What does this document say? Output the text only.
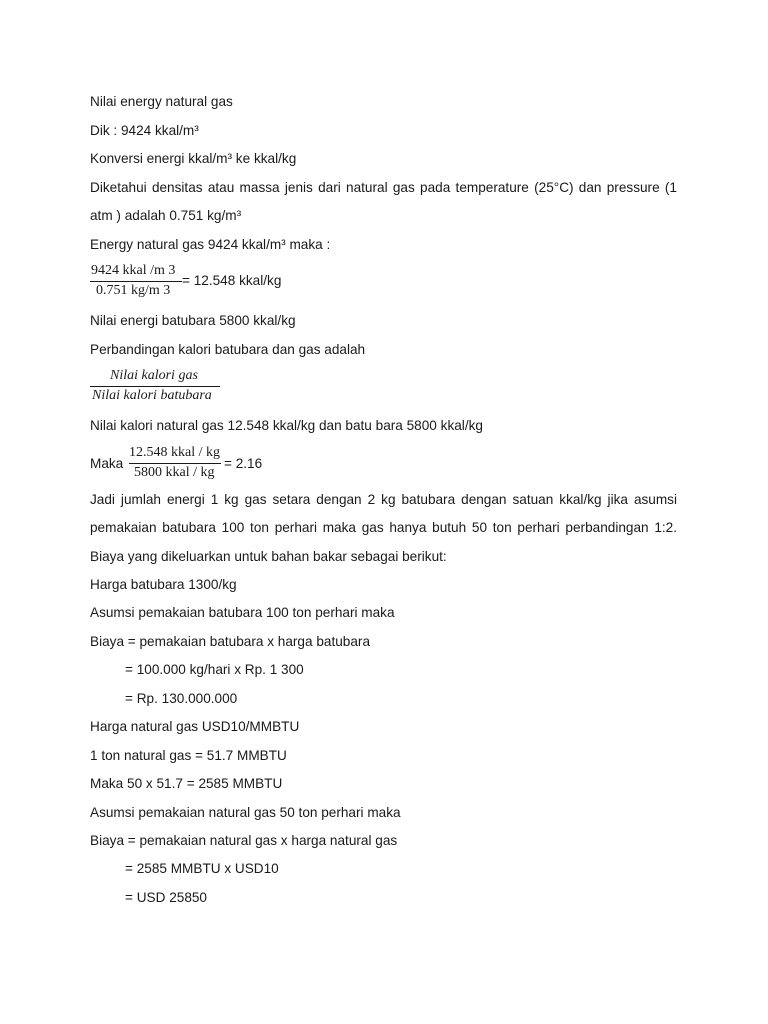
Nilai energy natural gas
Dik : 9424 kkal/m³
Konversi energi kkal/m³ ke kkal/kg
Diketahui densitas atau massa jenis dari natural gas pada temperature (25°C) dan pressure (1
atm ) adalah 0.751 kg/m³
Energy natural gas 9424 kkal/m³ maka :
9424 kkal /m 3
0.751 kg/m 3
= 12.548 kkal/kg
Nilai energi batubara 5800 kkal/kg
Perbandingan kalori batubara dan gas adalah
Nilai kalori gas
Nilai kalori batubara
Nilai kalori natural gas 12.548 kkal/kg dan batu bara 5800 kkal/kg
Maka
12.548 kkal / kg
5800 kkal / kg
= 2.16
Jadi jumlah energi 1 kg gas setara dengan 2 kg batubara dengan satuan kkal/kg jika asumsi
pemakaian batubara 100 ton perhari maka gas hanya butuh 50 ton perhari perbandingan 1:2.
Biaya yang dikeluarkan untuk bahan bakar sebagai berikut:
Harga batubara 1300/kg
Asumsi pemakaian batubara 100 ton perhari maka
Biaya = pemakaian batubara x harga batubara
= 100.000 kg/hari x Rp. 1 300
= Rp. 130.000.000
Harga natural gas USD10/MMBTU
1 ton natural gas = 51.7 MMBTU
Maka 50 x 51.7 = 2585 MMBTU
Asumsi pemakaian natural gas 50 ton perhari maka
Biaya = pemakaian natural gas x harga natural gas
= 2585 MMBTU x USD10
= USD 25850
